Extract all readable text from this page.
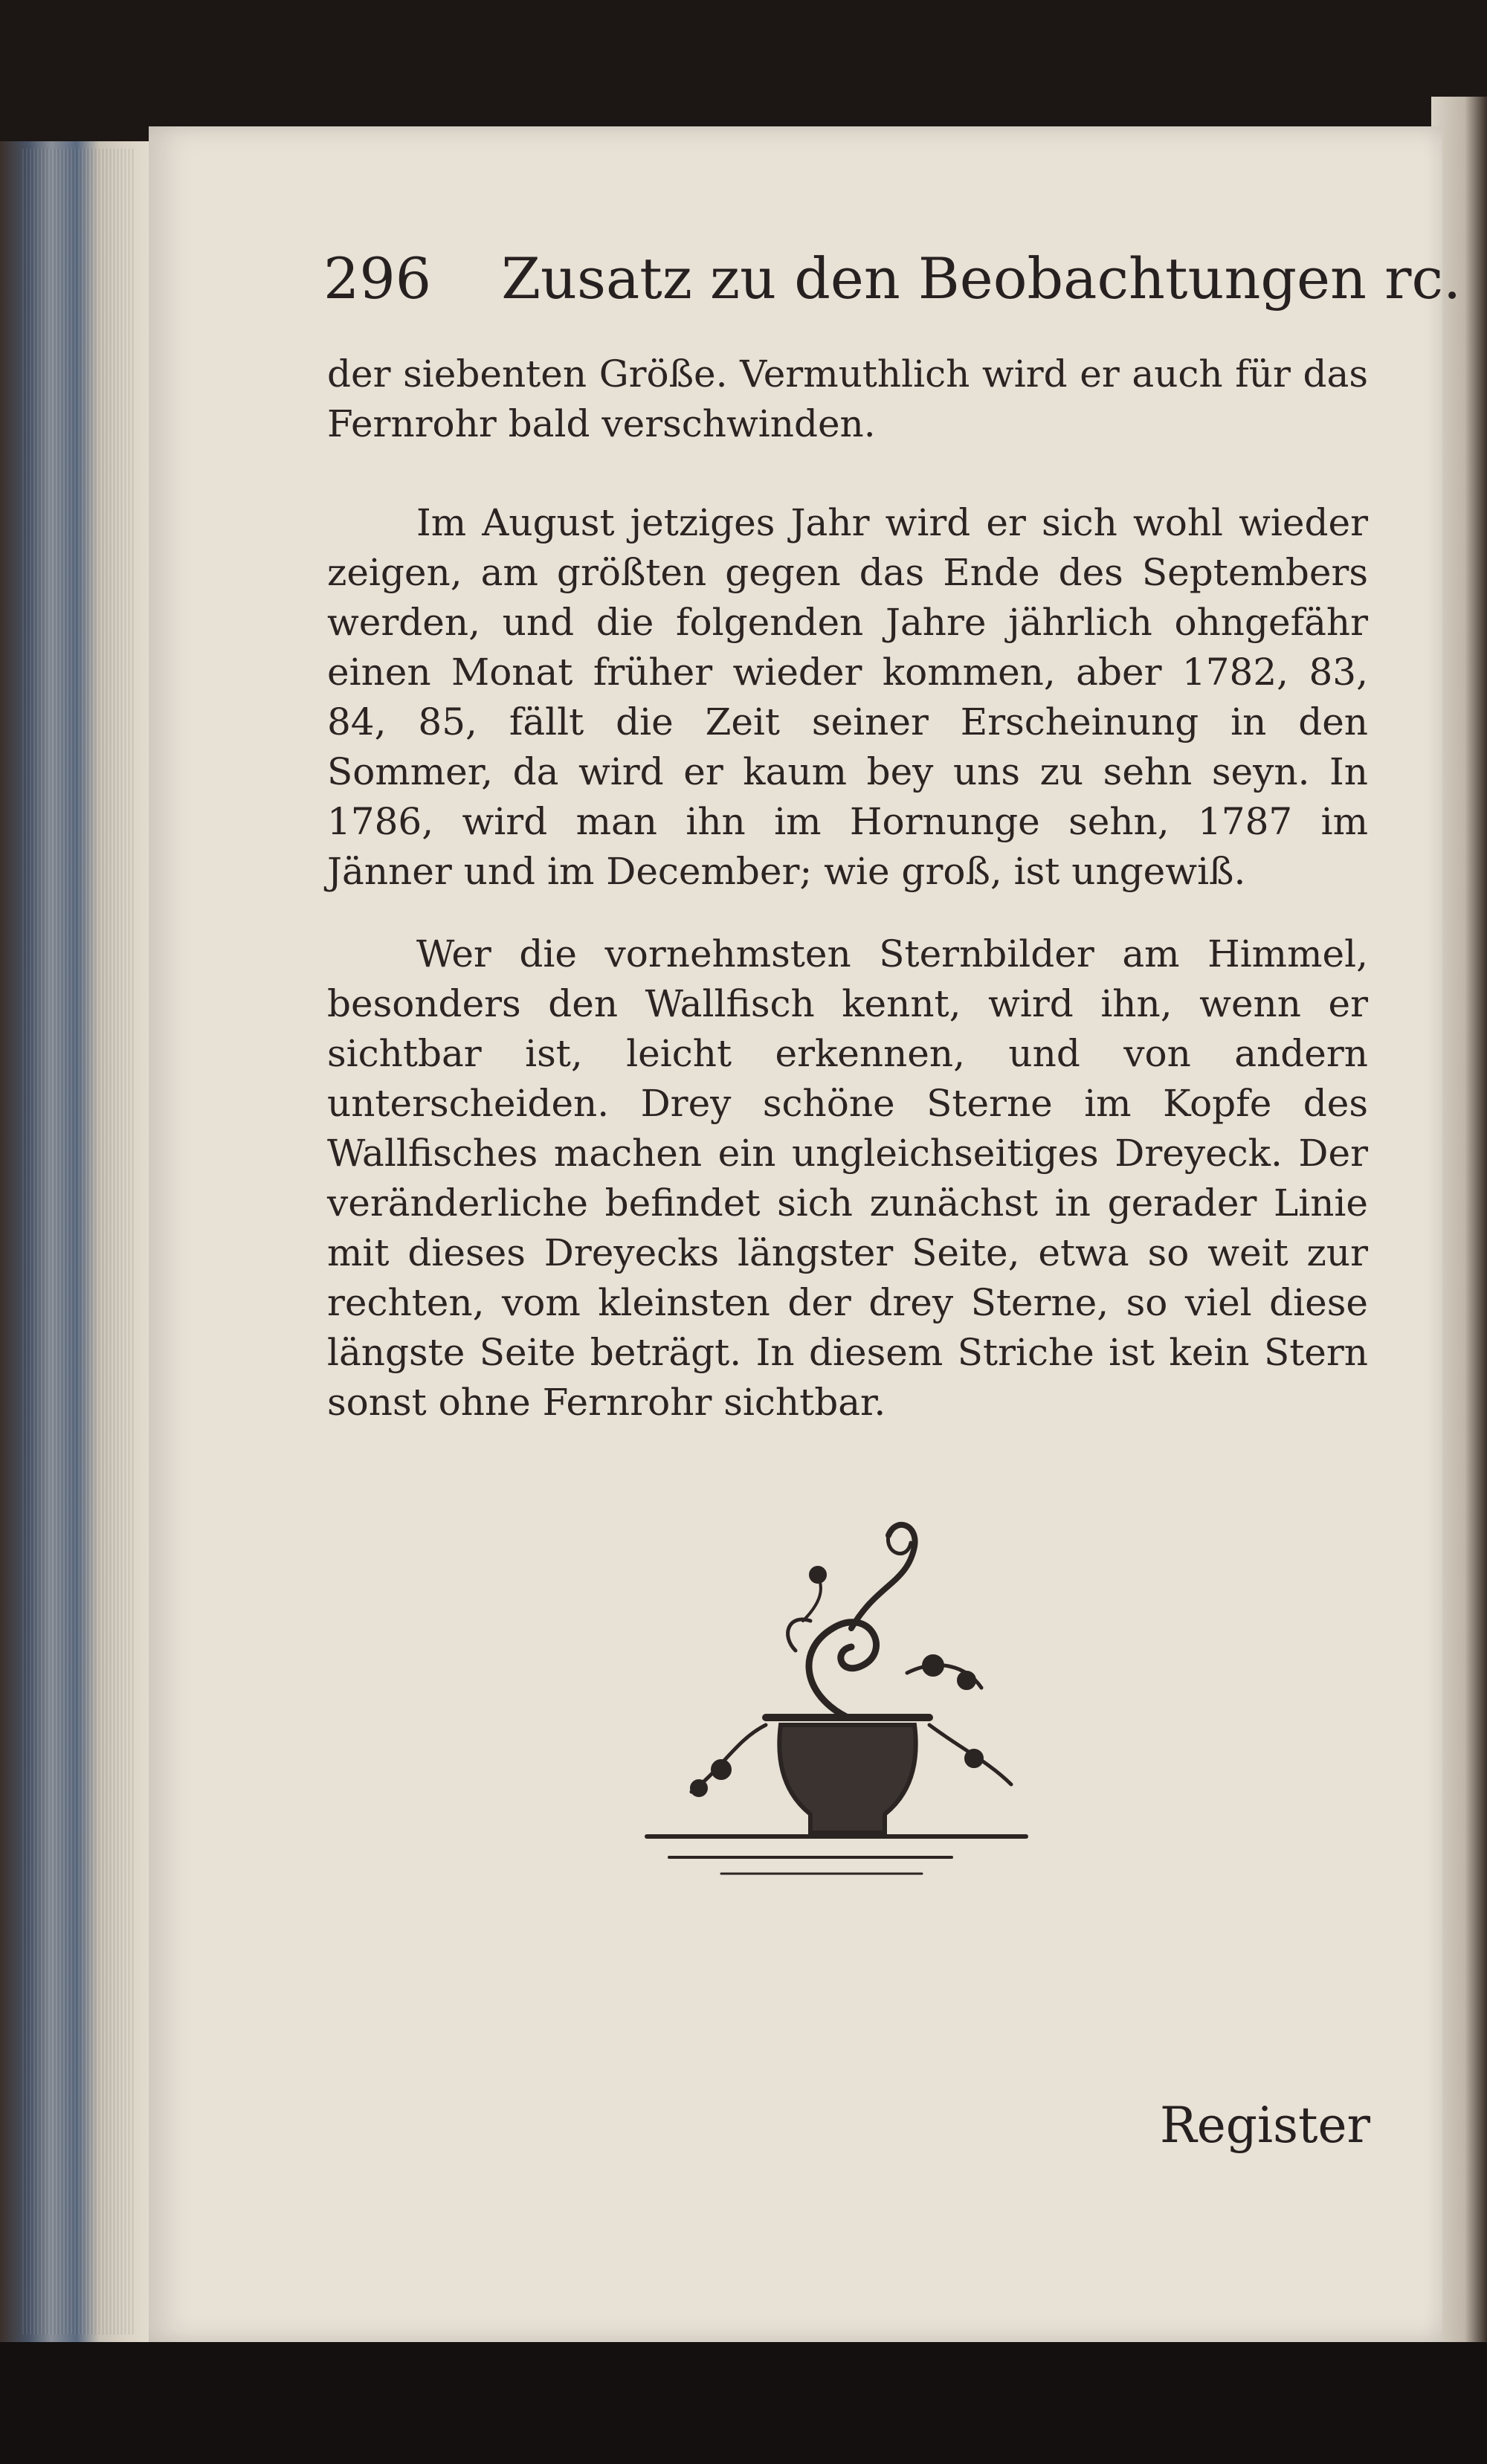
296 Zusatz zu den Beobachtungen rc.

der siebenten Größe. Vermuthlich wird er auch für das Fernrohr bald verschwinden.

Im August jetziges Jahr wird er sich wohl wieder zeigen, am größten gegen das Ende des Septembers werden, und die folgenden Jahre jährlich ohngefähr einen Monat früher wieder kommen, aber 1782, 83, 84, 85, fällt die Zeit seiner Erscheinung in den Sommer, da wird er kaum bey uns zu sehn seyn. In 1786, wird man ihn im Hornunge sehn, 1787 im Jänner und im December; wie groß, ist ungewiß.

Wer die vornehmsten Sternbilder am Himmel, besonders den Wallfisch kennt, wird ihn, wenn er sichtbar ist, leicht erkennen, und von andern unterscheiden. Drey schöne Sterne im Kopfe des Wallfisches machen ein ungleichseitiges Dreyeck. Der veränderliche befindet sich zunächst in gerader Linie mit dieses Dreyecks längster Seite, etwa so weit zur rechten, vom kleinsten der drey Sterne, so viel diese längste Seite beträgt. In diesem Striche ist kein Stern sonst ohne Fernrohr sichtbar.

Register
